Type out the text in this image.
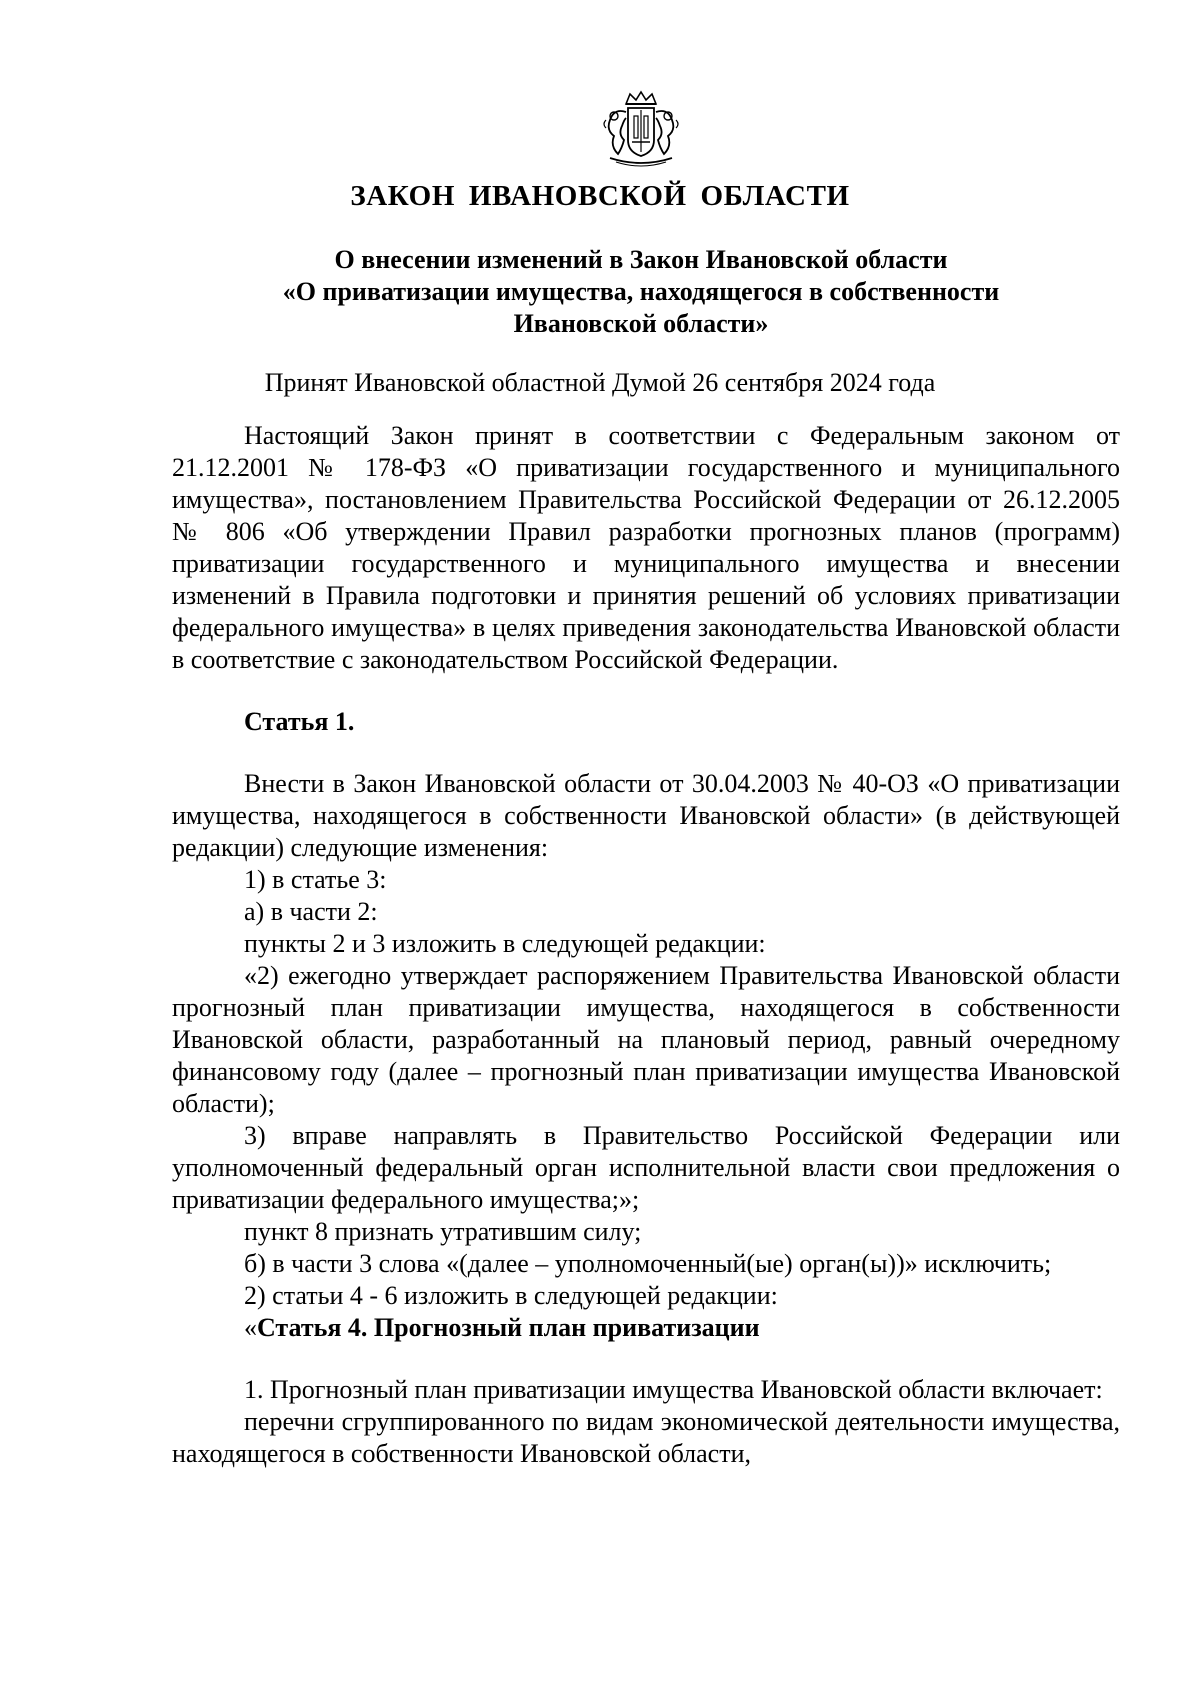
ЗАКОН ИВАНОВСКОЙ ОБЛАСТИ
О внесении изменений в Закон Ивановской области
«О приватизации имущества, находящегося в собственности
Ивановской области»
Принят Ивановской областной Думой 26 сентября 2024 года

Настоящий Закон принят в соответствии с Федеральным законом от 21.12.2001 № 178-ФЗ «О приватизации государственного и муниципального имущества», постановлением Правительства Российской Федерации от 26.12.2005 № 806 «Об утверждении Правил разработки прогнозных планов (программ) приватизации государственного и муниципального имущества и внесении изменений в Правила подготовки и принятия решений об условиях приватизации федерального имущества» в целях приведения законодательства Ивановской области в соответствие с законодательством Российской Федерации.

Статья 1.

Внести в Закон Ивановской области от 30.04.2003 № 40-ОЗ «О приватизации имущества, находящегося в собственности Ивановской области» (в действующей редакции) следующие изменения:

1) в статье 3:

а) в части 2:

пункты 2 и 3 изложить в следующей редакции:

«2) ежегодно утверждает распоряжением Правительства Ивановской области прогнозный план приватизации имущества, находящегося в собственности Ивановской области, разработанный на плановый период, равный очередному финансовому году (далее – прогнозный план приватизации имущества Ивановской области);

3) вправе направлять в Правительство Российской Федерации или уполномоченный федеральный орган исполнительной власти свои предложения о приватизации федерального имущества;»;

пункт 8 признать утратившим силу;

б) в части 3 слова «(далее – уполномоченный(ые) орган(ы))» исключить;

2) статьи 4 - 6 изложить в следующей редакции:

«Статья 4. Прогнозный план приватизации

1. Прогнозный план приватизации имущества Ивановской области включает:

перечни сгруппированного по видам экономической деятельности имущества, находящегося в собственности Ивановской области,
